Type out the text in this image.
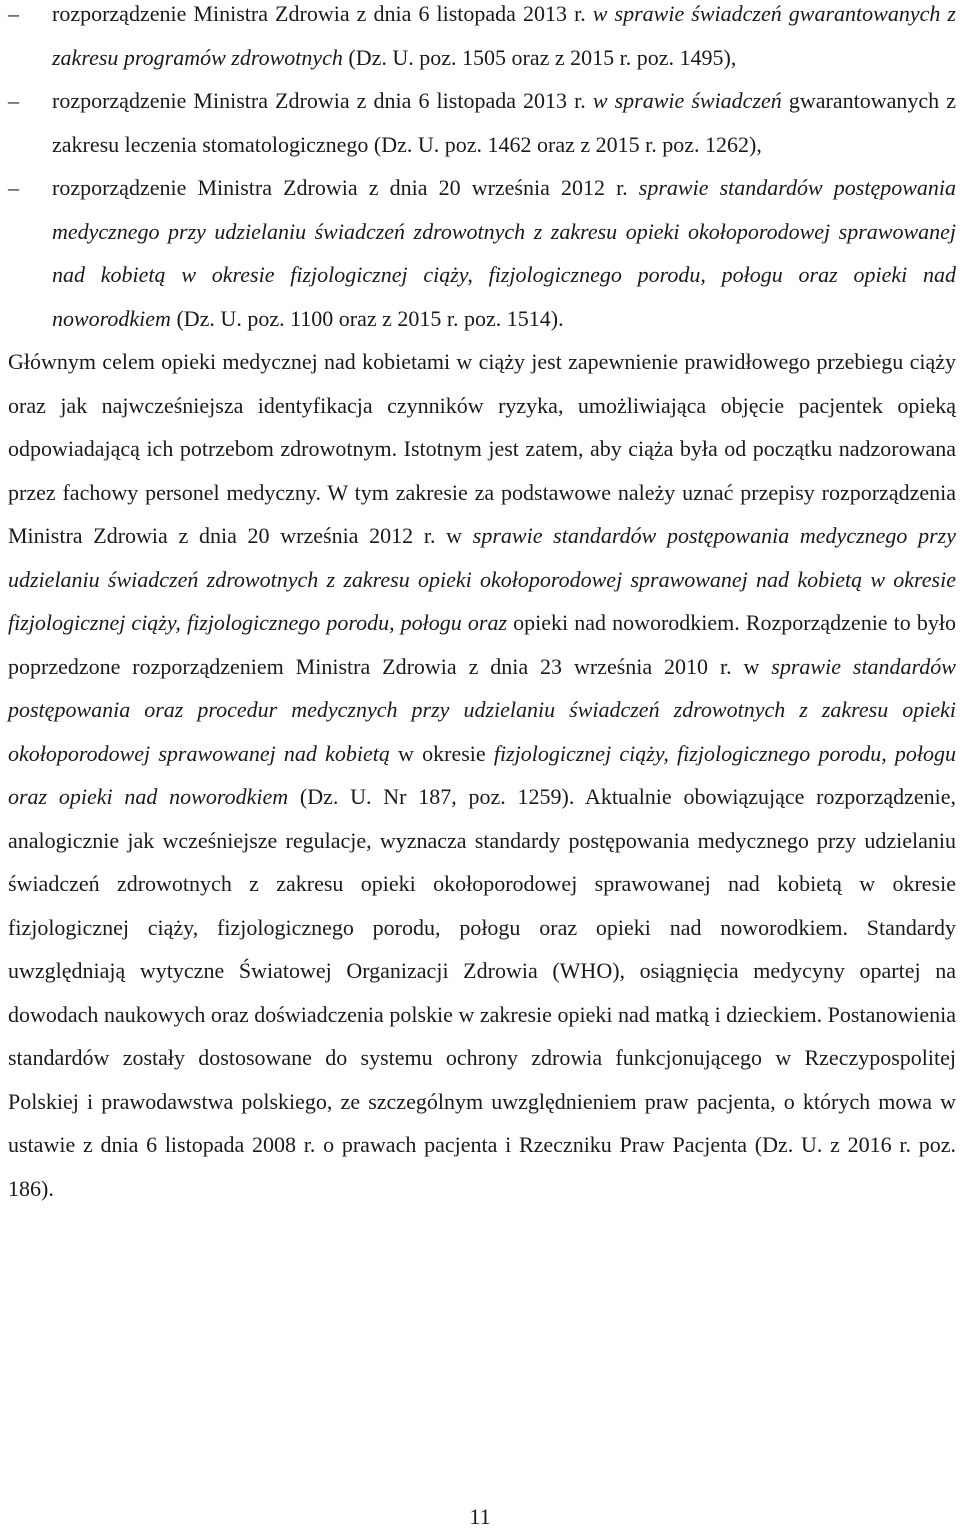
– rozporządzenie Ministra Zdrowia z dnia 6 listopada 2013 r. w sprawie świadczeń gwarantowanych z zakresu programów zdrowotnych (Dz. U. poz. 1505 oraz z 2015 r. poz. 1495),
– rozporządzenie Ministra Zdrowia z dnia 6 listopada 2013 r. w sprawie świadczeń gwarantowanych z zakresu leczenia stomatologicznego (Dz. U. poz. 1462 oraz z 2015 r. poz. 1262),
– rozporządzenie Ministra Zdrowia z dnia 20 września 2012 r. sprawie standardów postępowania medycznego przy udzielaniu świadczeń zdrowotnych z zakresu opieki okołoporodowej sprawowanej nad kobietą w okresie fizjologicznej ciąży, fizjologicznego porodu, połogu oraz opieki nad noworodkiem (Dz. U. poz. 1100 oraz z 2015 r. poz. 1514).

Głównym celem opieki medycznej nad kobietami w ciąży jest zapewnienie prawidłowego przebiegu ciąży oraz jak najwcześniejsza identyfikacja czynników ryzyka, umożliwiająca objęcie pacjentek opieką odpowiadającą ich potrzebom zdrowotnym. Istotnym jest zatem, aby ciąża była od początku nadzorowana przez fachowy personel medyczny. W tym zakresie za podstawowe należy uznać przepisy rozporządzenia Ministra Zdrowia z dnia 20 września 2012 r. w sprawie standardów postępowania medycznego przy udzielaniu świadczeń zdrowotnych z zakresu opieki okołoporodowej sprawowanej nad kobietą w okresie fizjologicznej ciąży, fizjologicznego porodu, połogu oraz opieki nad noworodkiem. Rozporządzenie to było poprzedzone rozporządzeniem Ministra Zdrowia z dnia 23 września 2010 r. w sprawie standardów postępowania oraz procedur medycznych przy udzielaniu świadczeń zdrowotnych z zakresu opieki okołoporodowej sprawowanej nad kobietą w okresie fizjologicznej ciąży, fizjologicznego porodu, połogu oraz opieki nad noworodkiem (Dz. U. Nr 187, poz. 1259). Aktualnie obowiązujące rozporządzenie, analogicznie jak wcześniejsze regulacje, wyznacza standardy postępowania medycznego przy udzielaniu świadczeń zdrowotnych z zakresu opieki okołoporodowej sprawowanej nad kobietą w okresie fizjologicznej ciąży, fizjologicznego porodu, połogu oraz opieki nad noworodkiem. Standardy uwzględniają wytyczne Światowej Organizacji Zdrowia (WHO), osiągnięcia medycyny opartej na dowodach naukowych oraz doświadczenia polskie w zakresie opieki nad matką i dzieckiem. Postanowienia standardów zostały dostosowane do systemu ochrony zdrowia funkcjonującego w Rzeczypospolitej Polskiej i prawodawstwa polskiego, ze szczególnym uwzględnieniem praw pacjenta, o których mowa w ustawie z dnia 6 listopada 2008 r. o prawach pacjenta i Rzeczniku Praw Pacjenta (Dz. U. z 2016 r. poz. 186).

11
